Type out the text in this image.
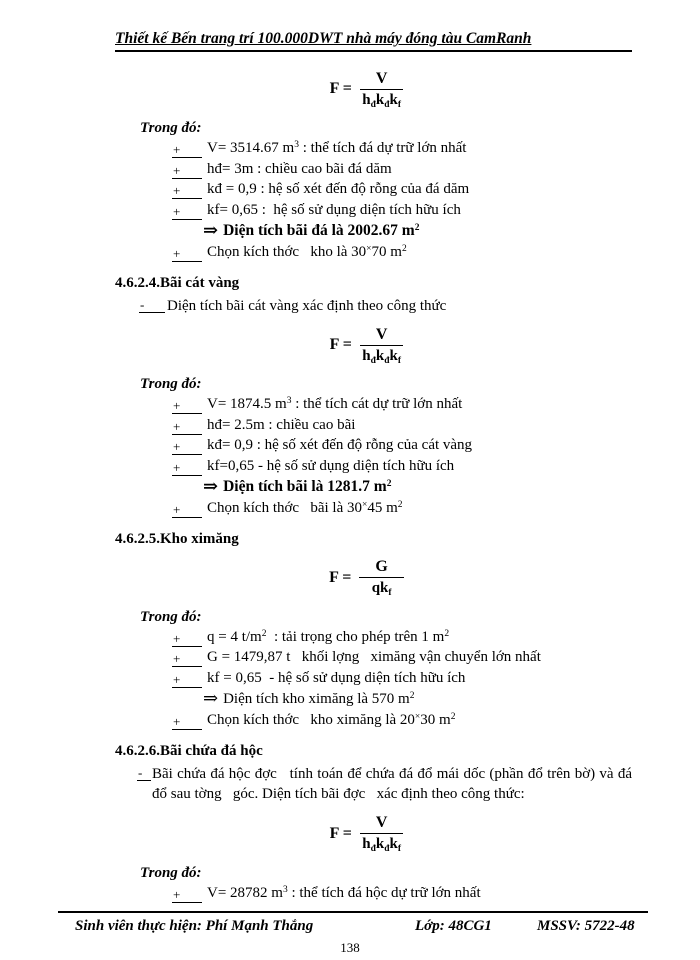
Thiết kế Bến trang trí 100.000DWT nhà máy đóng tàu CamRanh
$F = \frac{V}{h_đk_đk_f}$
Trong đó:
+ V= 3514.67 $m^3$ : thể tích đá dự trữ lớn nhất
+ hđ= 3m : chiều cao bãi đá dăm
+ kđ = 0,9 : hệ số xét đến độ rỗng của đá dăm
+ kf= 0,65 :  hệ số sử dụng diện tích hữu ích
⇒ Diện tích bãi đá là 2002.67 $m^2$
+ Chọn kích thớc   kho là 30×70 $m^2$
4.6.2.4.Bãi cát vàng
-	Diện tích bãi cát vàng xác định theo công thức
$F = \frac{V}{h_đk_đk_f}$
Trong đó:
+ V= 1874.5 $m^3$ : thể tích cát dự trữ lớn nhất
+ hđ= 2.5m : chiều cao bãi
+ kđ= 0,9 : hệ số xét đến độ rỗng của cát vàng
+ kf=0,65 - hệ số sử dụng diện tích hữu ích
⇒ Diện tích bãi là 1281.7 $m^2$
+ Chọn kích thớc   bãi là 30×45 $m^2$
4.6.2.5.Kho ximăng
$F = \frac{G}{qk_f}$
Trong đó:
+ q = 4 $t/m^2$  : tải trọng cho phép trên 1 $m^2$
+ G = 1479,87 t   khối lợng   ximăng vận chuyển lớn nhất
+ kf = 0,65  - hệ số sử dụng diện tích hữu ích
⇒ Diện tích kho ximăng là 570 $m^2$
+ Chọn kích thớc   kho ximăng là 20×30 $m^2$
4.6.2.6.Bãi chứa đá hộc
- Bãi chứa đá hộc đợc   tính toán để chứa đá đổ mái dốc (phần đổ trên bờ) và đá đổ sau tờng   góc. Diện tích bãi đợc   xác định theo công thức:
$F = \frac{V}{h_đk_đk_f}$
Trong đó:
+ V= 28782 $m^3$ : thể tích đá hộc dự trữ lớn nhất
Sinh viên thực hiện: Phí Mạnh Thắng	Lớp: 48CG1	MSSV: 5722-48
138
